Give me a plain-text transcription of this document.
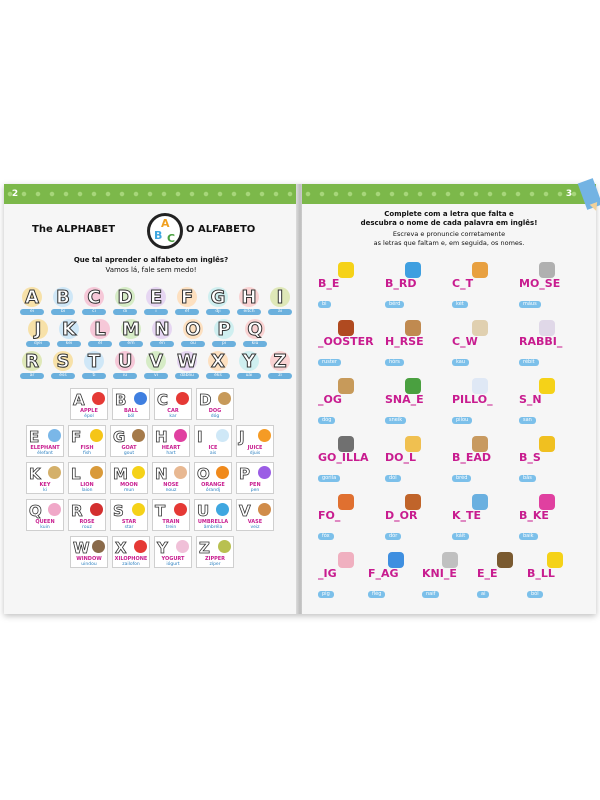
2
The ALPHABET	A
B C
O ALFABETO
Que tal aprender o alfabeto em inglês?
Vamos lá, fale sem medo!
A
ei
B
bi
C
ci
D
di
E
i
F
éf
G
dji
H
eitch
I
ai
J
djei
K
kei
L
él
M
ém
N
én
O
ou
P
pi
Q
kiú
R
ar
S
éss
T
ti
U
iú
V
vi
W
dâbliu
X
éks
Y
uai
Z
zi
A
APPLE
épol
B
BALL
ból
C
CAR
kar
D
DOG
dóg
E
ELEPHANT
élefant
F
FISH
fish
G
GOAT
gout
H
HEART
hart
I
ICE
ais
J
JUICE
djuis
K
KEY
ki
L
LION
laion
M
MOON
mun
N
NOSE
nouz
O
ORANGE
órandj
P
PEN
pen
Q
QUEEN
kuin
R
ROSE
rouz
S
STAR
star
T
TRAIN
trein
U
UMBRELLA
âmbréla
V
VASE
veiz
W
WINDOW
uindou
X
XILOPHONE
zailofon
Y
YOGURT
iógurt
Z
ZIPPER
zíper
3
Complete com a letra que falta e
descubra o nome de cada palavra em inglês!
Escreva e pronuncie corretamente
as letras que faltam e, em seguida, os nomes.
B_E
bi
B_RD
bêrd
C_T
két
MO_SE
máus
_OOSTER
ruster
H_RSE
hórs
C_W
kau
RABBI_
rébit
_OG
dóg
SNA_E
sneik
PILLO_
pilou
S_N
san
GO_ILLA
gorila
DO_L
dól
B_EAD
bréd
B_S
bâs
FO_
fóx
D_OR
dór
K_TE
káit
B_KE
baik
_IG
pig
F_AG
flég
KNI_E
naif
E_E
ai
B_LL
ból
